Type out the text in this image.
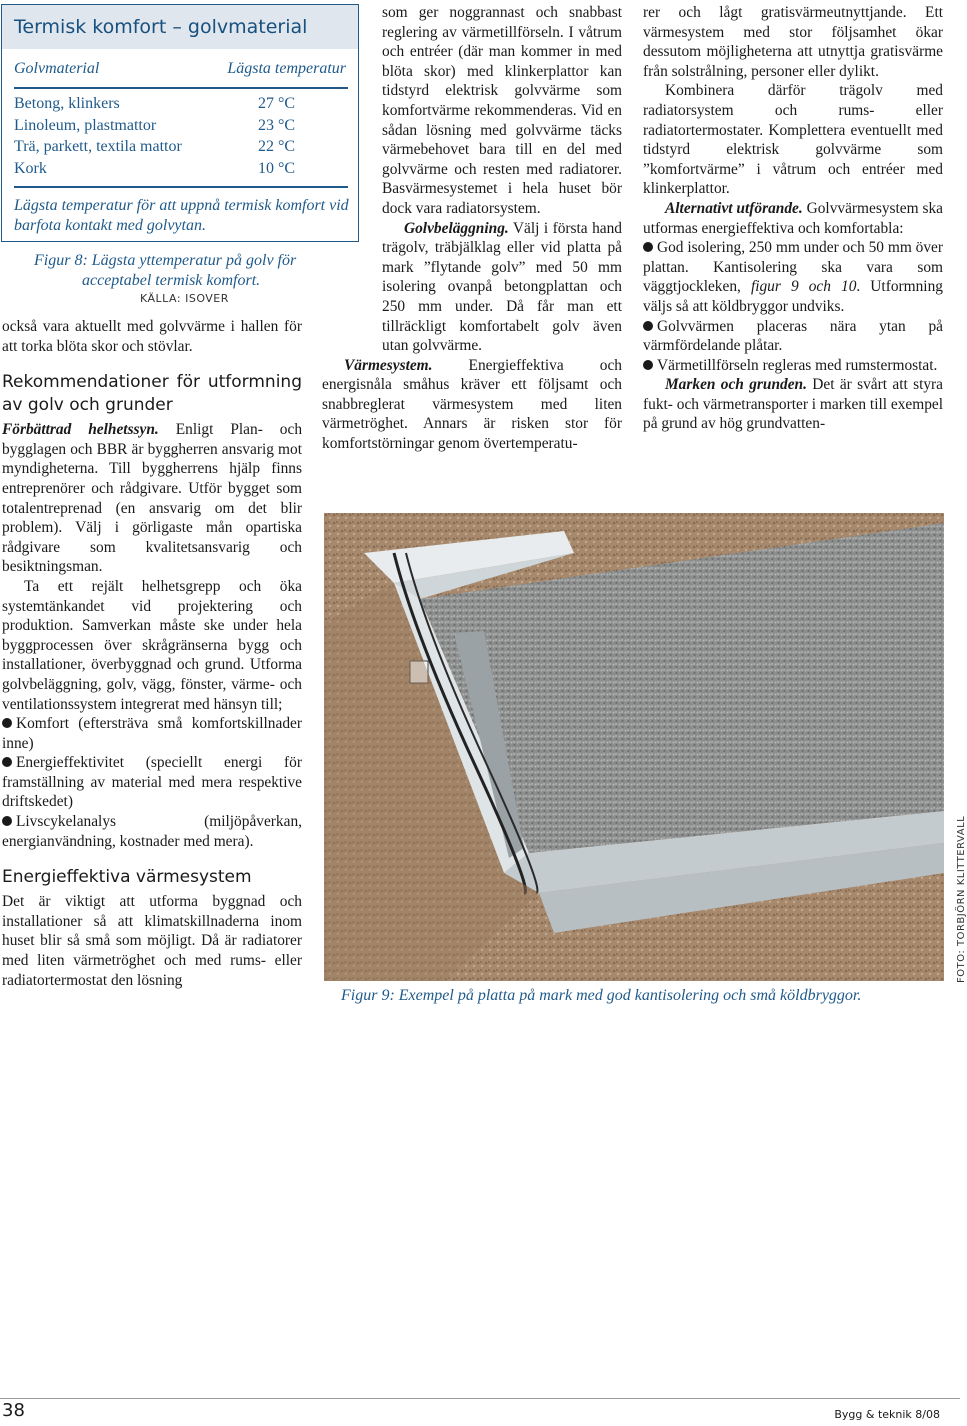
Termisk komfort – golvmaterial
Golvmaterial	Lägsta temperatur
Betong, klinkers	27 °C
Linoleum, plastmattor	23 °C
Trä, parkett, textila mattor	22 °C
Kork	10 °C
Lägsta temperatur för att uppnå termisk komfort vid barfota kontakt med golvytan.
Figur 8: Lägsta yttemperatur på golv för
acceptabel termisk komfort.
KÄLLA: ISOVER

också vara aktuellt med golvvärme i hallen för att torka blöta skor och stövlar.

Rekommendationer för utformning av golv och grunder

Förbättrad helhetssyn. Enligt Plan- och bygglagen och BBR är byggherren ansvarig mot myndigheterna. Till byggherrens hjälp finns entreprenörer och rådgivare. Utför bygget som totalentreprenad (en ansvarig om det blir problem). Välj i görligaste mån opartiska rådgivare som kvalitetsansvarig och besiktningsman.

Ta ett rejält helhetsgrepp och öka systemtänkandet vid projektering och produktion. Samverkan måste ske under hela byggprocessen över skrågränserna bygg och installationer, överbyggnad och grund. Utforma golvbeläggning, golv, vägg, fönster, värme- och ventilationssystem integrerat med hänsyn till;

Komfort (eftersträva små komfortskillnader inne)

Energieffektivitet (speciellt energi för framställning av material med mera respektive driftskedet)

Livscykelanalys (miljöpåverkan, energianvändning, kostnader med mera).

Energieffektiva värmesystem

Det är viktigt att utforma byggnad och installationer så att klimatskillnaderna inom huset blir så små som möjligt. Då är radiatorer med liten värmetröghet och med rums- eller radiatortermostat den lösning

som ger noggrannast och snabbast reglering av värmetillförseln. I våtrum och entréer (där man kommer in med blöta skor) med klinkerplattor kan tidstyrd elektrisk golvvärme som komfortvärme rekommenderas. Vid en sådan lösning med golvvärme täcks värmebehovet bara till en del med golvvärme och resten med radiatorer. Basvärmesystemet i hela huset bör dock vara radiatorsystem.

Golvbeläggning. Välj i första hand trägolv, träbjälklag eller vid platta på mark ”flytande golv” med 50 mm isolering ovanpå betongplattan och 250 mm under. Då får man ett tillräckligt komfortabelt golv även utan golvvärme.

Värmesystem. Energieffektiva och energisnåla småhus kräver ett följsamt och snabbreglerat värmesystem med liten värmetröghet. Annars är risken stor för komfortstörningar genom övertemperatu-

rer och lågt gratisvärmeutnyttjande. Ett värmesystem med stor följsamhet ökar dessutom möjligheterna att utnyttja gratisvärme från solstrålning, personer eller dylikt.

Kombinera därför trägolv med radiatorsystem och rums- eller radiatortermostater. Komplettera eventuellt med tidstyrd elektrisk golvvärme som ”komfortvärme” i våtrum och entréer med klinkerplattor.

Alternativt utförande. Golvvärmesystem ska utformas energieffektiva och komfortabla:

God isolering, 250 mm under och 50 mm över plattan. Kantisolering ska vara som väggtjockleken, figur 9 och 10. Utformning väljs så att köldbryggor undviks.

Golvvärmen placeras nära ytan på värmfördelande plåtar.

Värmetillförseln regleras med rumstermostat.

Marken och grunden. Det är svårt att styra fukt- och värmetransporter i marken till exempel på grund av hög grundvatten-

FOTO: TORBJÖRN KLITTERVALL
Figur 9: Exempel på platta på mark med god kantisolering och små köldbryggor.
38	Bygg & teknik 8/08
